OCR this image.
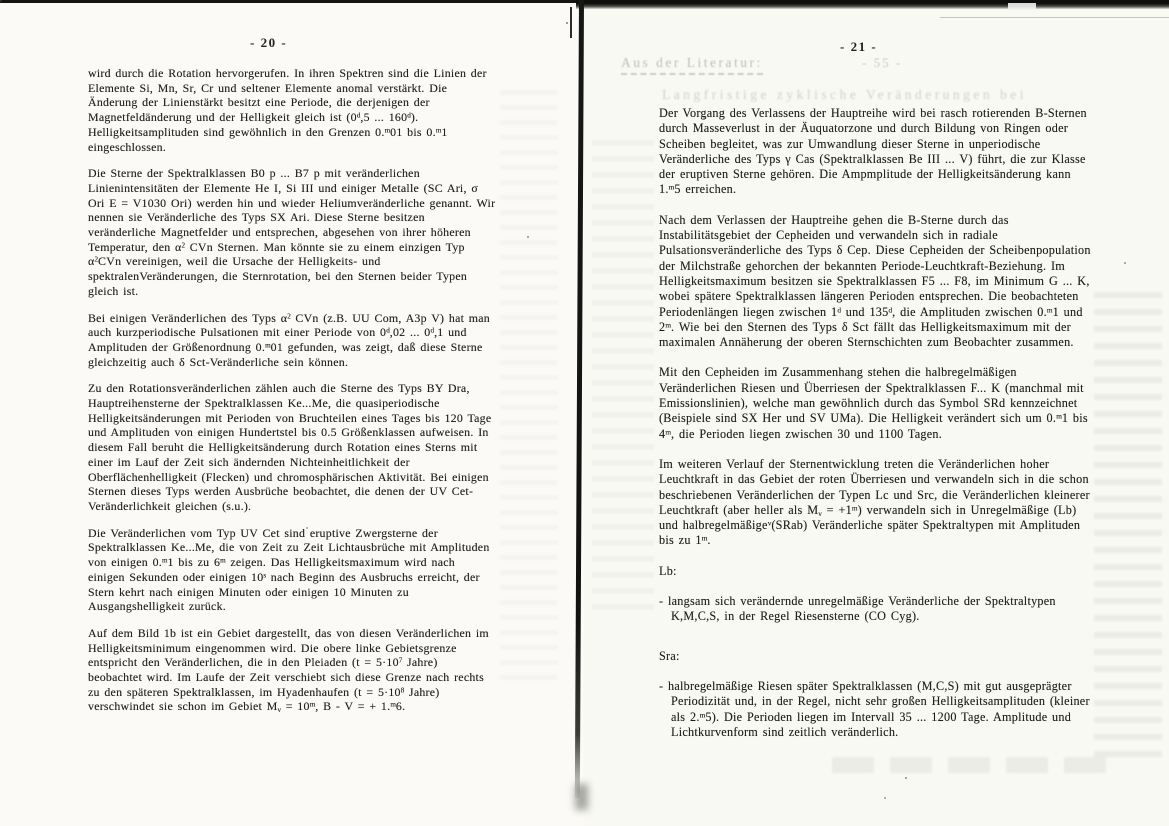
Aus der Literatur:	- 55 -
Langfristige zyklische Veränderungen bei
- 20 -

wird durch die Rotation hervorgerufen. In ihren Spektren sind die Linien der Elemente Si, Mn, Sr, Cr und seltener Elemente anomal verstärkt. Die Änderung der Linienstärkt besitzt eine Periode, die derjenigen der Magnetfeldänderung und der Helligkeit gleich ist (0$^d$,5 ... 160$^d$). Helligkeitsamplituden sind gewöhnlich in den Grenzen 0.$^m$01 bis 0.$^m$1 eingeschlossen.

Die Sterne der Spektralklassen B0 p ... B7 p mit veränderlichen Linienintensitäten der Elemente He I, Si III und einiger Metalle (SC Ari, σ Ori E = V1030 Ori) werden hin und wieder Heliumveränderliche genannt. Wir nennen sie Veränderliche des Typs SX Ari. Diese Sterne besitzen veränderliche Magnetfelder und entsprechen, abgesehen von ihrer höheren Temperatur, den $\alpha^2$ CVn Sternen. Man könnte sie zu einem einzigen Typ $\alpha^2CVn$ vereinigen, weil die Ursache der Helligkeits- und spektralenVeränderungen, die Sternrotation, bei den Sternen beider Typen gleich ist.

Bei einigen Veränderlichen des Typs $\alpha^2$ CVn (z.B. UU Com, A3p V) hat man auch kurzperiodische Pulsationen mit einer Periode von 0$^d$,02 ... 0$^d$,1 und Amplituden der Größenordnung 0.$^m$01 gefunden, was zeigt, daß diese Sterne gleichzeitig auch δ Sct-Veränderliche sein können.

Zu den Rotationsveränderlichen zählen auch die Sterne des Typs BY Dra, Hauptreihensterne der Spektralklassen Ke...Me, die quasiperiodische Helligkeitsänderungen mit Perioden von Bruchteilen eines Tages bis 120 Tage und Amplituden von einigen Hundertstel bis 0.5 Größenklassen aufweisen. In diesem Fall beruht die Helligkeitsänderung durch Rotation eines Sterns mit einer im Lauf der Zeit sich ändernden Nichteinheitlichkeit der Oberflächenhelligkeit (Flecken) und chromosphärischen Aktivität. Bei einigen Sternen dieses Typs werden Ausbrüche beobachtet, die denen der UV Cet-Veränderlichkeit gleichen (s.u.).

Die Veränderlichen vom Typ UV Cet sind eruptive Zwergsterne der Spektralklassen Ke...Me, die von Zeit zu Zeit Lichtausbrüche mit Amplituden von einigen 0.$^m$1 bis zu 6$^m$ zeigen. Das Helligkeitsmaximum wird nach einigen Sekunden oder einigen 10$^s$ nach Beginn des Ausbruchs erreicht, der Stern kehrt nach einigen Minuten oder einigen 10 Minuten zu Ausgangshelligkeit zurück.

Auf dem Bild 1b ist ein Gebiet dargestellt, das von diesen Veränderlichen im Helligkeitsminimum eingenommen wird. Die obere linke Gebietsgrenze entspricht den Veränderlichen, die in den Pleiaden ($t = 5\cdot 10^7$ Jahre) beobachtet wird. Im Laufe der Zeit verschiebt sich diese Grenze nach rechts zu den späteren Spektralklassen, im Hyadenhaufen ($t = 5\cdot 10^8$ Jahre) verschwindet sie schon im Gebiet $M_v = 10^m$, B - V = + 1.$^m$6.

- 21 -

Der Vorgang des Verlassens der Hauptreihe wird bei rasch rotierenden B-Sternen durch Masseverlust in der Äuquatorzone und durch Bildung von Ringen oder Scheiben begleitet, was zur Umwandlung dieser Sterne in unperiodische Veränderliche des Typs γ Cas (Spektralklassen Be III ... V) führt, die zur Klasse der eruptiven Sterne gehören. Die Ampmplitude der Helligkeitsänderung kann 1.$^m$5 erreichen.

Nach dem Verlassen der Hauptreihe gehen die B-Sterne durch das Instabilitätsgebiet der Cepheiden und verwandeln sich in radiale Pulsationsveränderliche des Typs δ Cep. Diese Cepheiden der Scheibenpopulation der Milchstraße gehorchen der bekannten Periode-Leuchtkraft-Beziehung. Im Helligkeitsmaximum besitzen sie Spektralklassen F5 ... F8, im Minimum G ... K, wobei spätere Spektralklassen längeren Perioden entsprechen. Die beobachteten Periodenlängen liegen zwischen 1$^d$ und 135$^d$, die Amplituden zwischen 0.$^m$1 und 2$^m$. Wie bei den Sternen des Typs δ Sct fällt das Helligkeitsmaximum mit der maximalen Annäherung der oberen Sternschichten zum Beobachter zusammen.

Mit den Cepheiden im Zusammenhang stehen die halbregelmäßigen Veränderlichen Riesen und Überriesen der Spektralklassen F... K (manchmal mit Emissionslinien), welche man gewöhnlich durch das Symbol SRd kennzeichnet (Beispiele sind SX Her und SV UMa). Die Helligkeit verändert sich um 0.$^m$1 bis 4$^m$, die Perioden liegen zwischen 30 und 1100 Tagen.

Im weiteren Verlauf der Sternentwicklung treten die Veränderlichen hoher Leuchtkraft in das Gebiet der roten Überriesen und verwandeln sich in die schon beschriebenen Veränderlichen der Typen Lc und Src, die Veränderlichen kleinerer Leuchtkraft (aber heller als $M_v = +1^m$) verwandeln sich in Unregelmäßige (Lb) und halbregelmäßige$^v$(SRab) Veränderliche später Spektraltypen mit Amplituden bis zu 1$^m$.

Lb:

- langsam sich verändernde unregelmäßige Veränderliche der Spektraltypen K,M,C,S, in der Regel Riesensterne (CO Cyg).

Sra:

- halbregelmäßige Riesen später Spektralklassen (M,C,S) mit gut ausgeprägter Periodizität und, in der Regel, nicht sehr großen Helligkeitsamplituden (kleiner als 2.$^m$5). Die Perioden liegen im Intervall 35 ... 1200 Tage. Amplitude und Lichtkurvenform sind zeitlich veränderlich.
